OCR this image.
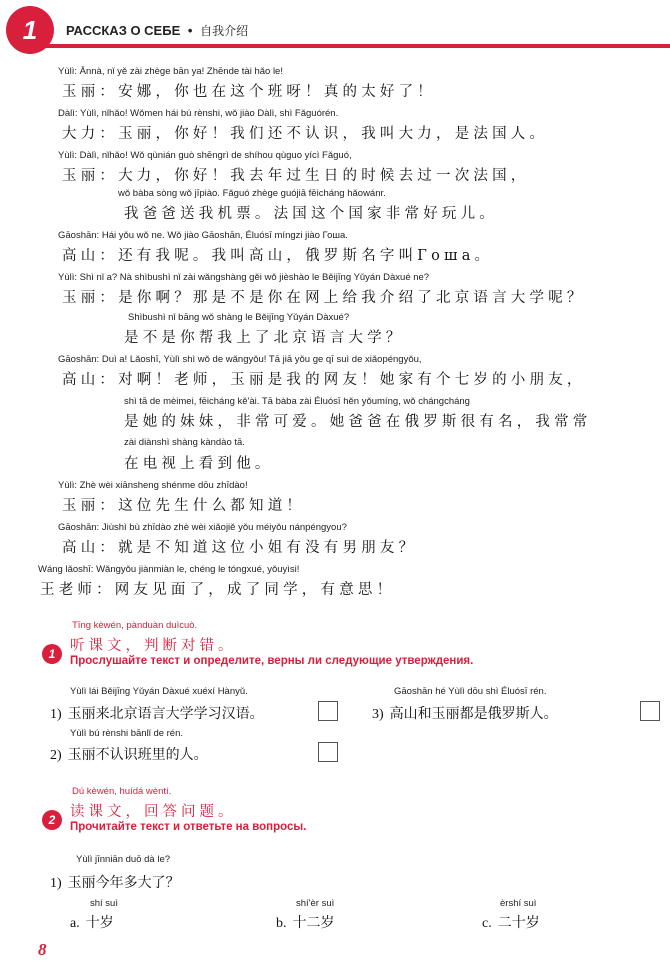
1	РАССКАЗ О СЕБЕ • 自我介绍
Yùlì: Ānnà, nǐ yě zài zhège bān ya! Zhēnde tài hǎo le!
玉丽：安娜，你也在这个班呀！真的太好了！
Dàlì: Yùlì, nǐhǎo! Wǒmen hái bú rènshi, wǒ jiào Dàlì, shì Fǎguórén.
大力：玉丽，你好！我们还不认识，我叫大力，是法国人。
Yùlì: Dàlì, nǐhǎo! Wǒ qùnián guò shēngrì de shíhou qùguo yícì Fǎguó,
玉丽：大力，你好！我去年过生日的时候去过一次法国，
wǒ bàba sòng wǒ jīpiào. Fǎguó zhège guójiā fēicháng hǎowánr.
我爸爸送我机票。法国这个国家非常好玩儿。
Gāoshān: Hái yǒu wǒ ne. Wǒ jiào Gāoshān, Éluósī míngzi jiào Гоша.
高山：还有我呢。我叫高山，俄罗斯名字叫Гоша。
Yùlì: Shì nǐ a? Nà shìbushì nǐ zài wǎngshàng gěi wǒ jièshào le Běijīng Yǔyán Dàxué ne?
玉丽：是你啊？那是不是你在网上给我介绍了北京语言大学呢？
Shìbushì nǐ bāng wǒ shàng le Běijīng Yǔyán Dàxué?
是不是你帮我上了北京语言大学？
Gāoshān: Duì a! Lǎoshī, Yùlì shì wǒ de wǎngyǒu! Tā jiā yǒu ge qī suì de xiǎopéngyǒu,
高山：对啊！老师，玉丽是我的网友！她家有个七岁的小朋友，
shì tā de mèimei, fēicháng kě'ài. Tā bàba zài Éluósī hěn yǒumíng, wǒ chángcháng
是她的妹妹，非常可爱。她爸爸在俄罗斯很有名，我常常
zài diànshì shàng kàndào tā.
在电视上看到他。
Yùlì: Zhè wèi xiānsheng shénme dōu zhīdào!
玉丽：这位先生什么都知道！
Gāoshān: Jiùshì bù zhīdào zhè wèi xiǎojiě yǒu méiyǒu nánpéngyou?
高山：就是不知道这位小姐有没有男朋友？
Wáng lǎoshī: Wǎngyǒu jiànmiàn le, chéng le tóngxué, yǒuyìsi!
王老师：网友见面了，成了同学，有意思！
Tīng kèwén, pànduàn duìcuò.
1	听课文，判断对错。
Прослушайте текст и определите, верны ли следующие утверждения.
Yùlì lái Běijīng Yǔyán Dàxué xuéxí Hànyǔ.
1) 玉丽来北京语言大学学习汉语。
Gāoshān hé Yùlì dōu shì Éluósī rén.
3) 高山和玉丽都是俄罗斯人。
Yùlì bú rènshi bānlǐ de rén.
2) 玉丽不认识班里的人。
Dú kèwén, huídá wèntí.
2	读课文，回答问题。
Прочитайте текст и ответьте на вопросы.
Yùlì jīnniān duō dà le?
1) 玉丽今年多大了？
shí suì
a. 十岁
shí'èr suì
b. 十二岁
èrshí suì
c. 二十岁
8
